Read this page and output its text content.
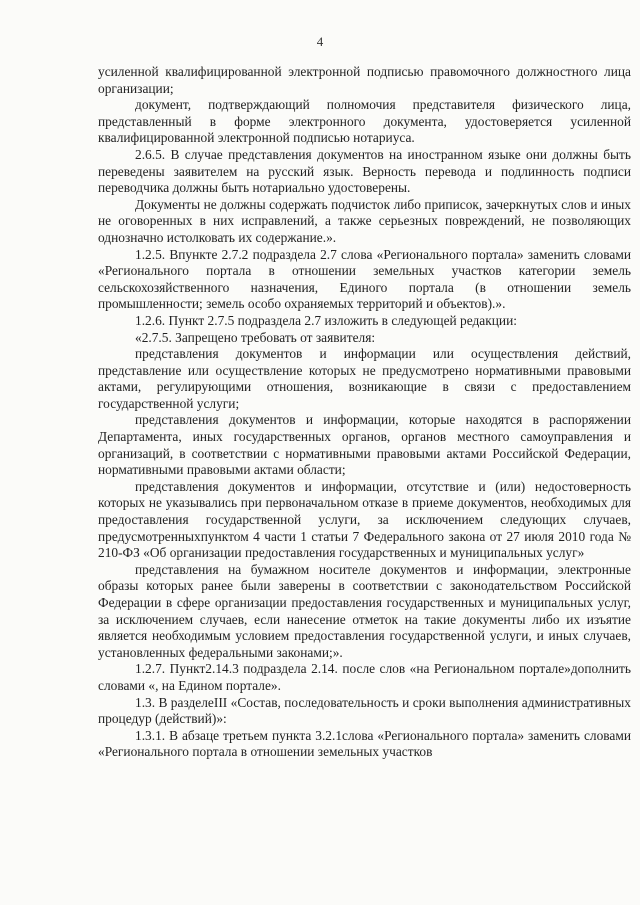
4

усиленной квалифицированной электронной подписью правомочного должностного лица организации;

документ, подтверждающий полномочия представителя физического лица, представленный в форме электронного документа, удостоверяется усиленной квалифицированной электронной подписью нотариуса.

2.6.5. В случае представления документов на иностранном языке они должны быть переведены заявителем на русский язык. Верность перевода и подлинность подписи переводчика должны быть нотариально удостоверены.

Документы не должны содержать подчисток либо приписок, зачеркнутых слов и иных не оговоренных в них исправлений, а также серьезных повреждений, не позволяющих однозначно истолковать их содержание.».

1.2.5. Впункте 2.7.2 подраздела 2.7 слова «Регионального портала» заменить словами «Регионального портала в отношении земельных участков категории земель сельскохозяйственного назначения, Единого портала (в отношении земель промышленности; земель особо охраняемых территорий и объектов).».

1.2.6. Пункт 2.7.5 подраздела 2.7 изложить в следующей редакции:

«2.7.5. Запрещено требовать от заявителя:

представления документов и информации или осуществления действий, представление или осуществление которых не предусмотрено нормативными правовыми актами, регулирующими отношения, возникающие в связи с предоставлением государственной услуги;

представления документов и информации, которые находятся в распоряжении Департамента, иных государственных органов, органов местного самоуправления и организаций, в соответствии с нормативными правовыми актами Российской Федерации, нормативными правовыми актами области;

представления документов и информации, отсутствие и (или) недостоверность которых не указывались при первоначальном отказе в приеме документов, необходимых для предоставления государственной услуги, за исключением следующих случаев, предусмотренныхпунктом 4 части 1 статьи 7 Федерального закона от 27 июля 2010 года № 210-ФЗ «Об организации предоставления государственных и муниципальных услуг»

представления на бумажном носителе документов и информации, электронные образы которых ранее были заверены в соответствии с законодательством Российской Федерации в сфере организации предоставления государственных и муниципальных услуг, за исключением случаев, если нанесение отметок на такие документы либо их изъятие является необходимым условием предоставления государственной услуги, и иных случаев, установленных федеральными законами;».

1.2.7. Пункт2.14.3 подраздела 2.14. после слов «на Региональном портале»дополнить словами «, на Едином портале».

1.3. В разделеIII «Состав, последовательность и сроки выполнения административных процедур (действий)»:

1.3.1. В абзаце третьем пункта 3.2.1слова «Регионального портала» заменить словами «Регионального портала в отношении земельных участков
